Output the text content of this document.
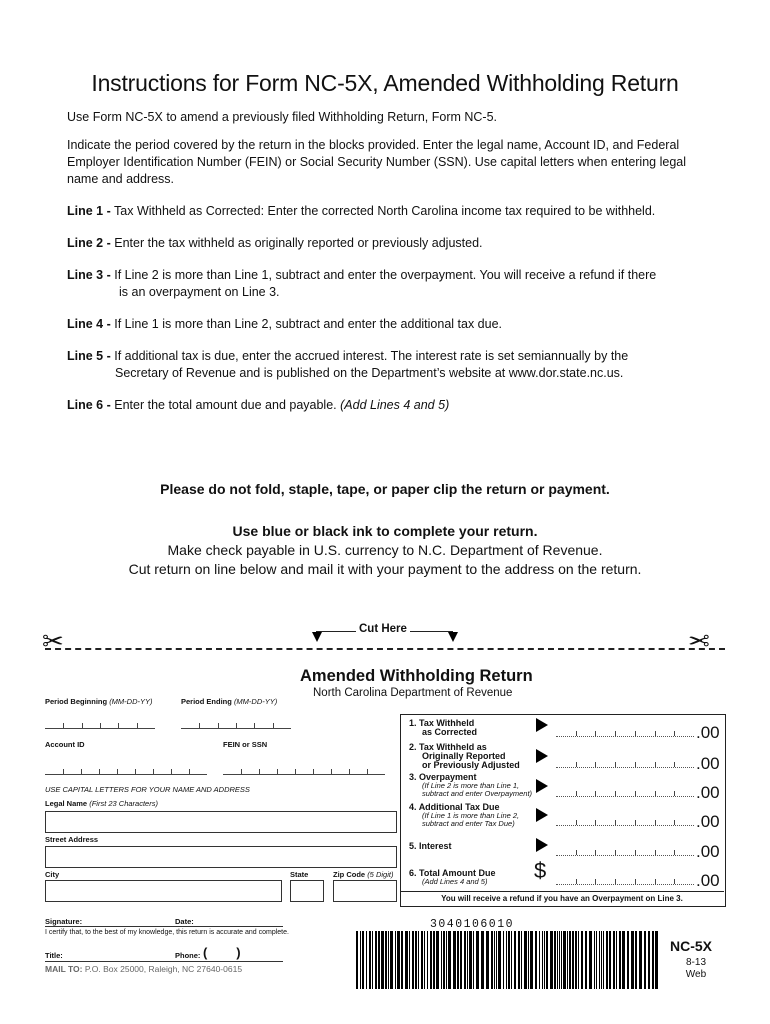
Instructions for Form NC-5X, Amended Withholding Return
Use Form NC-5X to amend a previously filed Withholding Return, Form NC-5.
Indicate the period covered by the return in the blocks provided. Enter the legal name, Account ID, and Federal Employer Identification Number (FEIN) or Social Security Number (SSN). Use capital letters when entering legal name and address.
Line 1 - Tax Withheld as Corrected: Enter the corrected North Carolina income tax required to be withheld.
Line 2 - Enter the tax withheld as originally reported or previously adjusted.
Line 3 - If Line 2 is more than Line 1, subtract and enter the overpayment. You will receive a refund if there
is an overpayment on Line 3.
Line 4 - If Line 1 is more than Line 2, subtract and enter the additional tax due.
Line 5 - If additional tax is due, enter the accrued interest. The interest rate is set semiannually by the
Secretary of Revenue and is published on the Department’s website at www.dor.state.nc.us.
Line 6 - Enter the total amount due and payable. (Add Lines 4 and 5)
Please do not fold, staple, tape, or paper clip the return or payment.
Use blue or black ink to complete your return.
Make check payable in U.S. currency to N.C. Department of Revenue.
Cut return on line below and mail it with your payment to the address on the return.
Cut Here
✂	✂
Amended Withholding Return
North Carolina Department of Revenue
Period Beginning (MM-DD-YY)	Period Ending (MM-DD-YY)
Account ID	FEIN or SSN
USE CAPITAL LETTERS FOR YOUR NAME AND ADDRESS
Legal Name (First 23 Characters)
Street Address
City	State	Zip Code (5 Digit)
Signature:	Date:
I certify that, to the best of my knowledge, this return is accurate and complete.
Title:	Phone: (        )
MAIL TO: P.O. Box 25000, Raleigh, NC 27640-0615
1. Tax Withheld
as Corrected	.00
2. Tax Withheld as
Originally Reported
or Previously Adjusted	.00
3. Overpayment
(If Line 2 is more than Line 1,
subtract and enter Overpayment)	.00
4. Additional Tax Due
(If Line 1 is more than Line 2,
subtract and enter Tax Due)	.00
5. Interest	.00
6. Total Amount Due
(Add Lines 4 and 5)	$	.00
You will receive a refund if you have an Overpayment on Line 3.
3040106010
NC-5X
8-13
Web
